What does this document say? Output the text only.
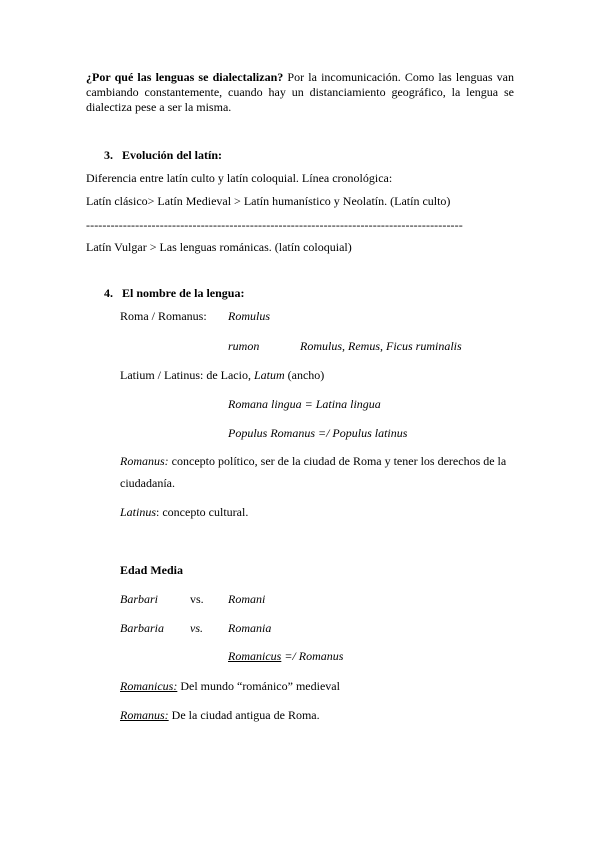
¿Por qué las lenguas se dialectalizan? Por la incomunicación. Como las lenguas van
cambiando constantemente, cuando hay un distanciamiento geográfico, la lengua se
dialectiza pese a ser la misma.
3. Evolución del latín:
Diferencia entre latín culto y latín coloquial. Línea cronológica:
Latín clásico> Latín Medieval > Latín humanístico y Neolatín. (Latín culto)
--------------------------------------------------------------------------------------------
Latín Vulgar > Las lenguas románicas. (latín coloquial)
4. El nombre de la lengua:
Roma / Romanus: Romulus
rumon	Romulus, Remus, Ficus ruminalis
Latium / Latinus: de Lacio, Latum (ancho)
Romana lingua = Latina lingua
Populus Romanus =/ Populus latinus
Romanus: concepto político, ser de la ciudad de Roma y tener los derechos de la
ciudadanía.
Latinus: concepto cultural.
Edad Media
Barbari	vs. Romani
Barbaria vs. Romania
Romanicus =/ Romanus
Romanicus: Del mundo “románico” medieval
Romanus: De la ciudad antigua de Roma.
